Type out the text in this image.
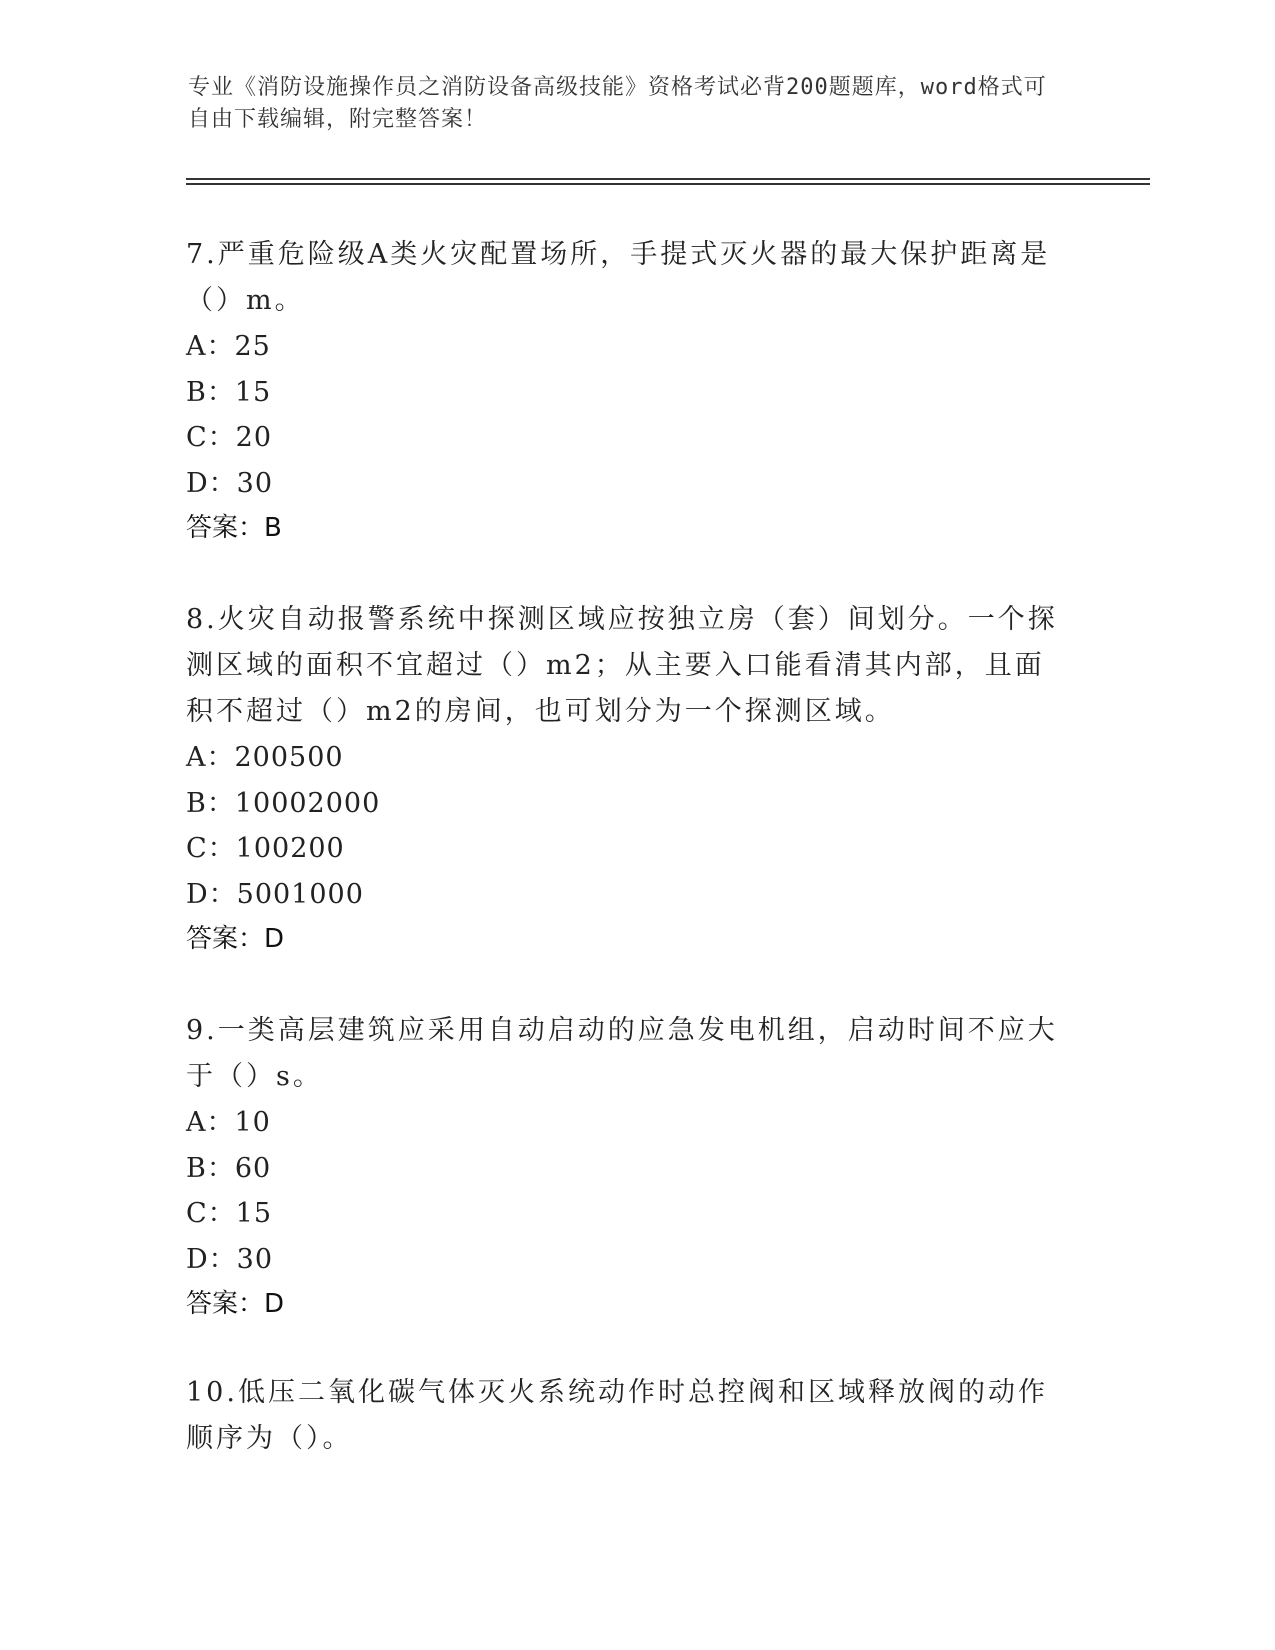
专业《消防设施操作员之消防设备高级技能》资格考试必背200题题库，word格式可自由下载编辑，附完整答案！

7.严重危险级A类火灾配置场所，手提式灭火器的最大保护距离是（）m。

A：25

B：15

C：20

D：30

答案：B

8.火灾自动报警系统中探测区域应按独立房（套）间划分。一个探测区域的面积不宜超过（）m2；从主要入口能看清其内部，且面积不超过（）m2的房间，也可划分为一个探测区域。

A：200500

B：10002000

C：100200

D：5001000

答案：D

9.一类高层建筑应采用自动启动的应急发电机组，启动时间不应大于（）s。

A：10

B：60

C：15

D：30

答案：D

10.低压二氧化碳气体灭火系统动作时总控阀和区域释放阀的动作顺序为（）。
